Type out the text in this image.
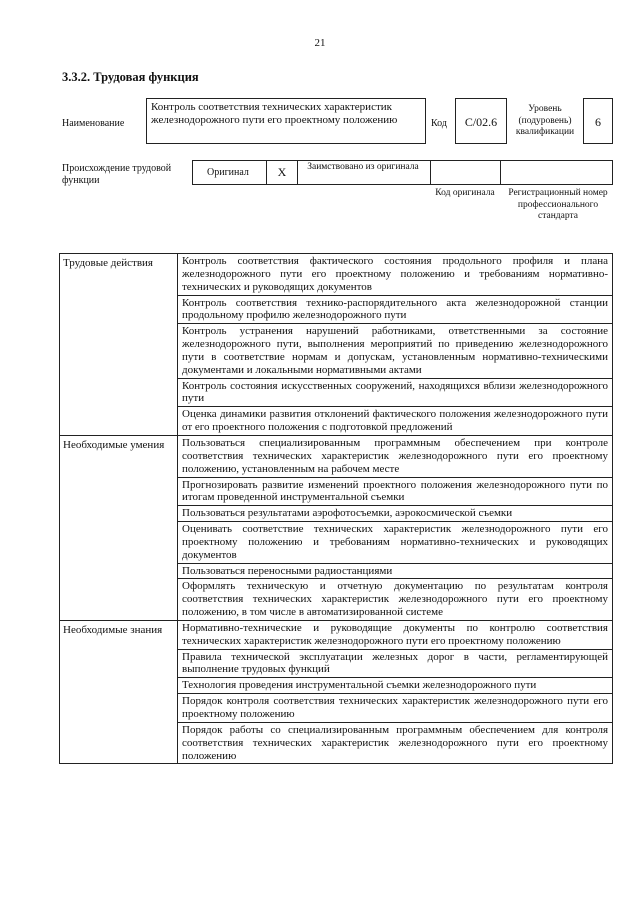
21
3.3.2. Трудовая функция
Наименование
Контроль соответствия технических характеристик железнодорожного пути его проектному положению	Код	С/02.6
Уровень (подуровень) квалификации
6
Происхождение трудовой функции
Оригинал	X	Заимствовано из оригинала
Код оригинала	Регистрационный номер профессионального стандарта
Трудовые действия	Контроль соответствия фактического состояния продольного профиля и плана железнодорожного пути его проектному положению и требованиям нормативно-технических и руководящих документов
	Контроль соответствия технико-распорядительного акта железнодорожной станции продольному профилю железнодорожного пути
	Контроль устранения нарушений работниками, ответственными за состояние железнодорожного пути, выполнения мероприятий по приведению железнодорожного пути в соответствие нормам и допускам, установленным нормативно-техническими документами и локальными нормативными актами
	Контроль состояния искусственных сооружений, находящихся вблизи железнодорожного пути
	Оценка динамики развития отклонений фактического положения железнодорожного пути от его проектного положения с подготовкой предложений

Необходимые умения	Пользоваться специализированным программным обеспечением при контроле соответствия технических характеристик железнодорожного пути его проектному положению, установленным на рабочем месте
	Прогнозировать развитие изменений проектного положения железнодорожного пути по итогам проведенной инструментальной съемки
	Пользоваться результатами аэрофотосъемки, аэрокосмической съемки
	Оценивать соответствие технических характеристик железнодорожного пути его проектному положению и требованиям нормативно-технических и руководящих документов
	Пользоваться переносными радиостанциями
	Оформлять техническую и отчетную документацию по результатам контроля соответствия технических характеристик железнодорожного пути его проектному положению, в том числе в автоматизированной системе

Необходимые знания	Нормативно-технические и руководящие документы по контролю соответствия технических характеристик железнодорожного пути его проектному положению
	Правила технической эксплуатации железных дорог в части, регламентирующей выполнение трудовых функций
	Технология проведения инструментальной съемки железнодорожного пути
	Порядок контроля соответствия технических характеристик железнодорожного пути его проектному положению
	Порядок работы со специализированным программным обеспечением для контроля соответствия технических характеристик железнодорожного пути его проектному положению
